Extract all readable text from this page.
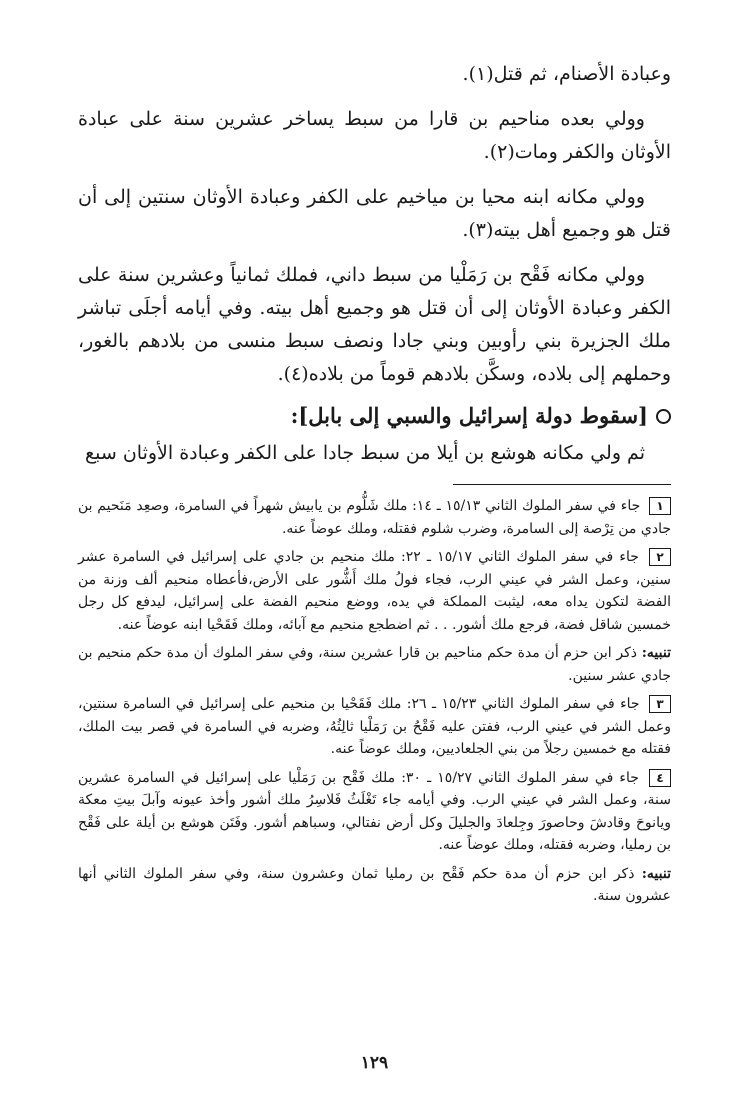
وعبادة الأصنام، ثم قتل(١).

وولي بعده مناحيم بن قارا من سبط يساخر عشرين سنة على عبادة الأوثان والكفر ومات(٢).

وولي مكانه ابنه محيا بن مياخيم على الكفر وعبادة الأوثان سنتين إلى أن قتل هو وجميع أهل بيته(٣).

وولي مكانه فَقْح بن رَمَلْيا من سبط داني، فملك ثمانياً وعشرين سنة على الكفر وعبادة الأوثان إلى أن قتل هو وجميع أهل بيته. وفي أيامه أجلَى تباشر ملك الجزيرة بني رأوبين وبني جادا ونصف سبط منسى من بلادهم بالغور، وحملهم إلى بلاده، وسكَّن بلادهم قوماً من بلاده(٤).

[سقوط دولة إسرائيل والسبي إلى بابل]:

ثم ولي مكانه هوشع بن أيلا من سبط جادا على الكفر وعبادة الأوثان سبع

١ جاء في سفر الملوك الثاني ١٥/١٣ ـ ١٤: ملك شَلُّوم بن يابيش شهراً في السامرة، وصعِد مَنَحيم بن جادي من تِرْصة إلى السامرة، وضرب شلوم فقتله، وملك عوضاً عنه.

٢ جاء في سفر الملوك الثاني ١٥/١٧ ـ ٢٢: ملك منحيم بن جادي على إسرائيل في السامرة عشر سنين، وعمل الشر في عيني الرب، فجاء فولُ ملك أَشُّور على الأرض،فأعطاه منحيم ألف وزنة من الفضة لتكون يداه معه، ليثبت المملكة في يده، ووضع منحيم الفضة على إسرائيل، ليدفع كل رجل خمسين شاقل فضة، فرجع ملك أشور. . . ثم اضطجع منحيم مع آبائه، وملك فَقَحْيا ابنه عوضاً عنه.

تنبيه: ذكر ابن حزم أن مدة حكم مناحيم بن قارا عشرين سنة، وفي سفر الملوك أن مدة حكم منحيم بن جادي عشر سنين.

٣ جاء في سفر الملوك الثاني ١٥/٢٣ ـ ٢٦: ملك فَقَحْيا بن منحيم على إسرائيل في السامرة سنتين، وعمل الشر في عيني الرب، ففتن عليه فَقْحُ بن رَمَلْيا ثالِثُهُ، وضربه في السامرة في قصر بيت الملك، فقتله مع خمسين رجلاً من بني الجلعاديين، وملك عوضاً عنه.

٤ جاء في سفر الملوك الثاني ١٥/٢٧ ـ ٣٠: ملك فَقْح بن رَمَلْيا على إسرائيل في السامرة عشرين سنة، وعمل الشر في عيني الرب. وفي أيامه جاء تَغْلَثُ فَلاسِرُ ملك أشور وأخذ عيونه وآبلَ بيتِ معكة ويانوحَ وقادشَ وحاصورَ وجِلعادَ والجليلَ وكل أرض نفتالي، وسباهم أشور. وفَتَن هوشع بن أيلة على فَقْح بن رمليا، وضربه فقتله، وملك عوضاً عنه.

تنبيه: ذكر ابن حزم أن مدة حكم فَقْح بن رمليا ثمان وعشرون سنة، وفي سفر الملوك الثاني أنها عشرون سنة.

١٢٩
